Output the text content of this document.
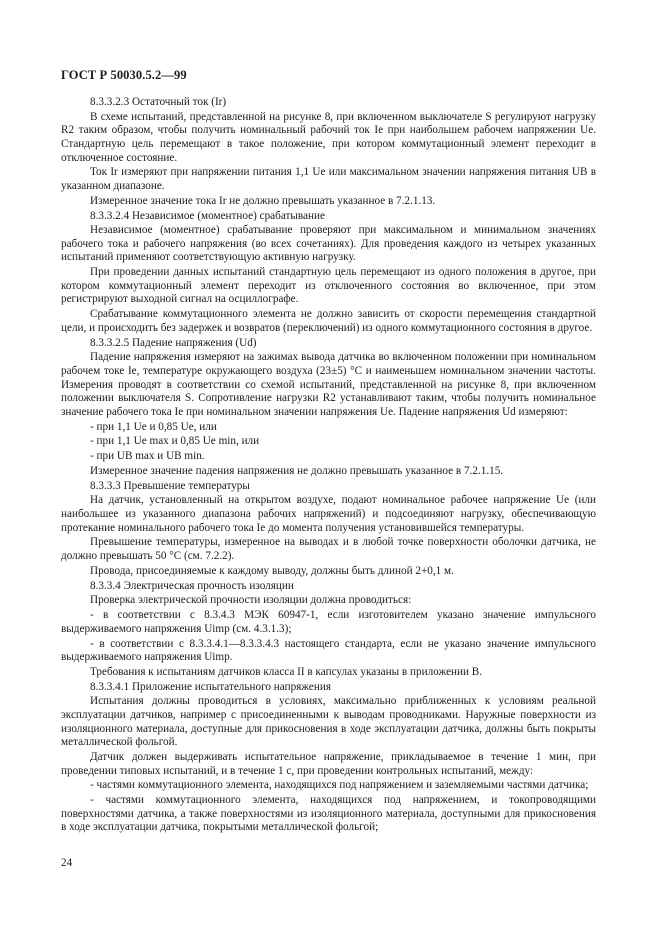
ГОСТ Р 50030.5.2—99

8.3.3.2.3 Остаточный ток (Ir)

В схеме испытаний, представленной на рисунке 8, при включенном выключателе S регулируют нагрузку R2 таким образом, чтобы получить номинальный рабочий ток Ie при наибольшем рабочем напряжении Ue. Стандартную цель перемещают в такое положение, при котором коммутационный элемент переходит в отключенное состояние.

Ток Ir измеряют при напряжении питания 1,1 Ue или максимальном значении напряжения питания UB в указанном диапазоне.

Измеренное значение тока Ir не должно превышать указанное в 7.2.1.13.

8.3.3.2.4 Независимое (моментное) срабатывание

Независимое (моментное) срабатывание проверяют при максимальном и минимальном значениях рабочего тока и рабочего напряжения (во всех сочетаниях). Для проведения каждого из четырех указанных испытаний применяют соответствующую активную нагрузку.

При проведении данных испытаний стандартную цель перемещают из одного положения в другое, при котором коммутационный элемент переходит из отключенного состояния во включенное, при этом регистрируют выходной сигнал на осциллографе.

Срабатывание коммутационного элемента не должно зависить от скорости перемещения стандартной цели, и происходить без задержек и возвратов (переключений) из одного коммутационного состояния в другое.

8.3.3.2.5 Падение напряжения (Ud)

Падение напряжения измеряют на зажимах вывода датчика во включенном положении при номинальном рабочем токе Ie, температуре окружающего воздуха (23±5) °С и наименьшем номинальном значении частоты. Измерения проводят в соответствии со схемой испытаний, представленной на рисунке 8, при включенном положении выключателя S. Сопротивление нагрузки R2 устанавливают таким, чтобы получить номинальное значение рабочего тока Ie при номинальном значении напряжения Ue. Падение напряжения Ud измеряют:

- при 1,1 Ue и 0,85 Ue, или

- при 1,1 Ue max и 0,85 Ue min, или

- при UB max и UB min.

Измеренное значение падения напряжения не должно превышать указанное в 7.2.1.15.

8.3.3.3 Превышение температуры

На датчик, установленный на открытом воздухе, подают номинальное рабочее напряжение Ue (или наибольшее из указанного диапазона рабочих напряжений) и подсоединяют нагрузку, обеспечивающую протекание номинального рабочего тока Ie до момента получения установившейся температуры.

Превышение температуры, измеренное на выводах и в любой точке поверхности оболочки датчика, не должно превышать 50 °С (см. 7.2.2).

Провода, присоединяемые к каждому выводу, должны быть длиной 2+0,1 м.

8.3.3.4 Электрическая прочность изоляции

Проверка электрической прочности изоляции должна проводиться:

- в соответствии с 8.3.4.3 МЭК 60947-1, если изготовителем указано значение импульсного выдерживаемого напряжения Uimp (см. 4.3.1.3);

- в соответствии с 8.3.3.4.1—8.3.3.4.3 настоящего стандарта, если не указано значение импульсного выдерживаемого напряжения Uimp.

Требования к испытаниям датчиков класса II в капсулах указаны в приложении В.

8.3.3.4.1 Приложение испытательного напряжения

Испытания должны проводиться в условиях, максимально приближенных к условиям реальной эксплуатации датчиков, например с присоединенными к выводам проводниками. Наружные поверхности из изоляционного материала, доступные для прикосновения в ходе эксплуатации датчика, должны быть покрыты металлической фольгой.

Датчик должен выдерживать испытательное напряжение, прикладываемое в течение 1 мин, при проведении типовых испытаний, и в течение 1 с, при проведении контрольных испытаний, между:

- частями коммутационного элемента, находящихся под напряжением и заземляемыми частями датчика;

- частями коммутационного элемента, находящихся под напряжением, и токопроводящими поверхностями датчика, а также поверхностями из изоляционного материала, доступными для прикосновения в ходе эксплуатации датчика, покрытыми металлической фольгой;

24
